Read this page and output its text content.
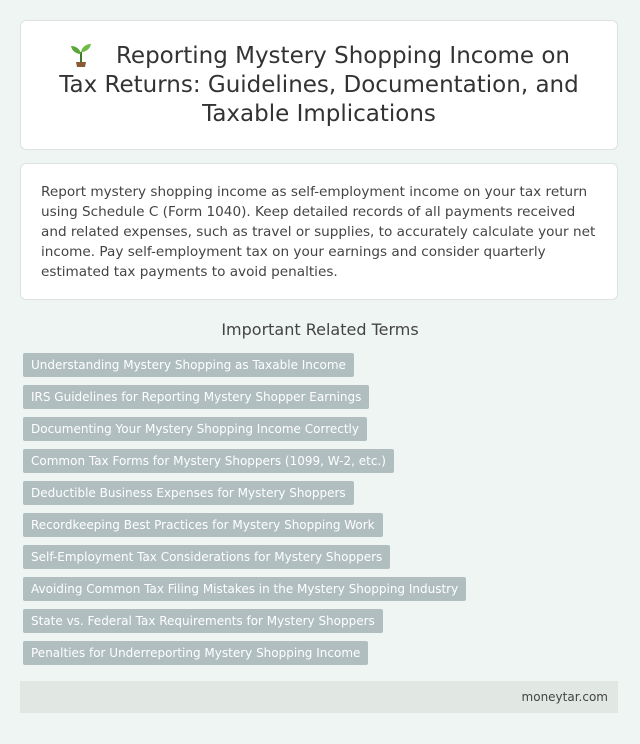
Reporting Mystery Shopping Income on Tax Returns: Guidelines, Documentation, and Taxable Implications

Report mystery shopping income as self-employment income on your tax return using Schedule C (Form 1040). Keep detailed records of all payments received and related expenses, such as travel or supplies, to accurately calculate your net income. Pay self-employment tax on your earnings and consider quarterly estimated tax payments to avoid penalties.

Important Related Terms
Understanding Mystery Shopping as Taxable Income
IRS Guidelines for Reporting Mystery Shopper Earnings
Documenting Your Mystery Shopping Income Correctly
Common Tax Forms for Mystery Shoppers (1099, W-2, etc.)
Deductible Business Expenses for Mystery Shoppers
Recordkeeping Best Practices for Mystery Shopping Work
Self-Employment Tax Considerations for Mystery Shoppers
Avoiding Common Tax Filing Mistakes in the Mystery Shopping Industry
State vs. Federal Tax Requirements for Mystery Shoppers
Penalties for Underreporting Mystery Shopping Income
moneytar.com
